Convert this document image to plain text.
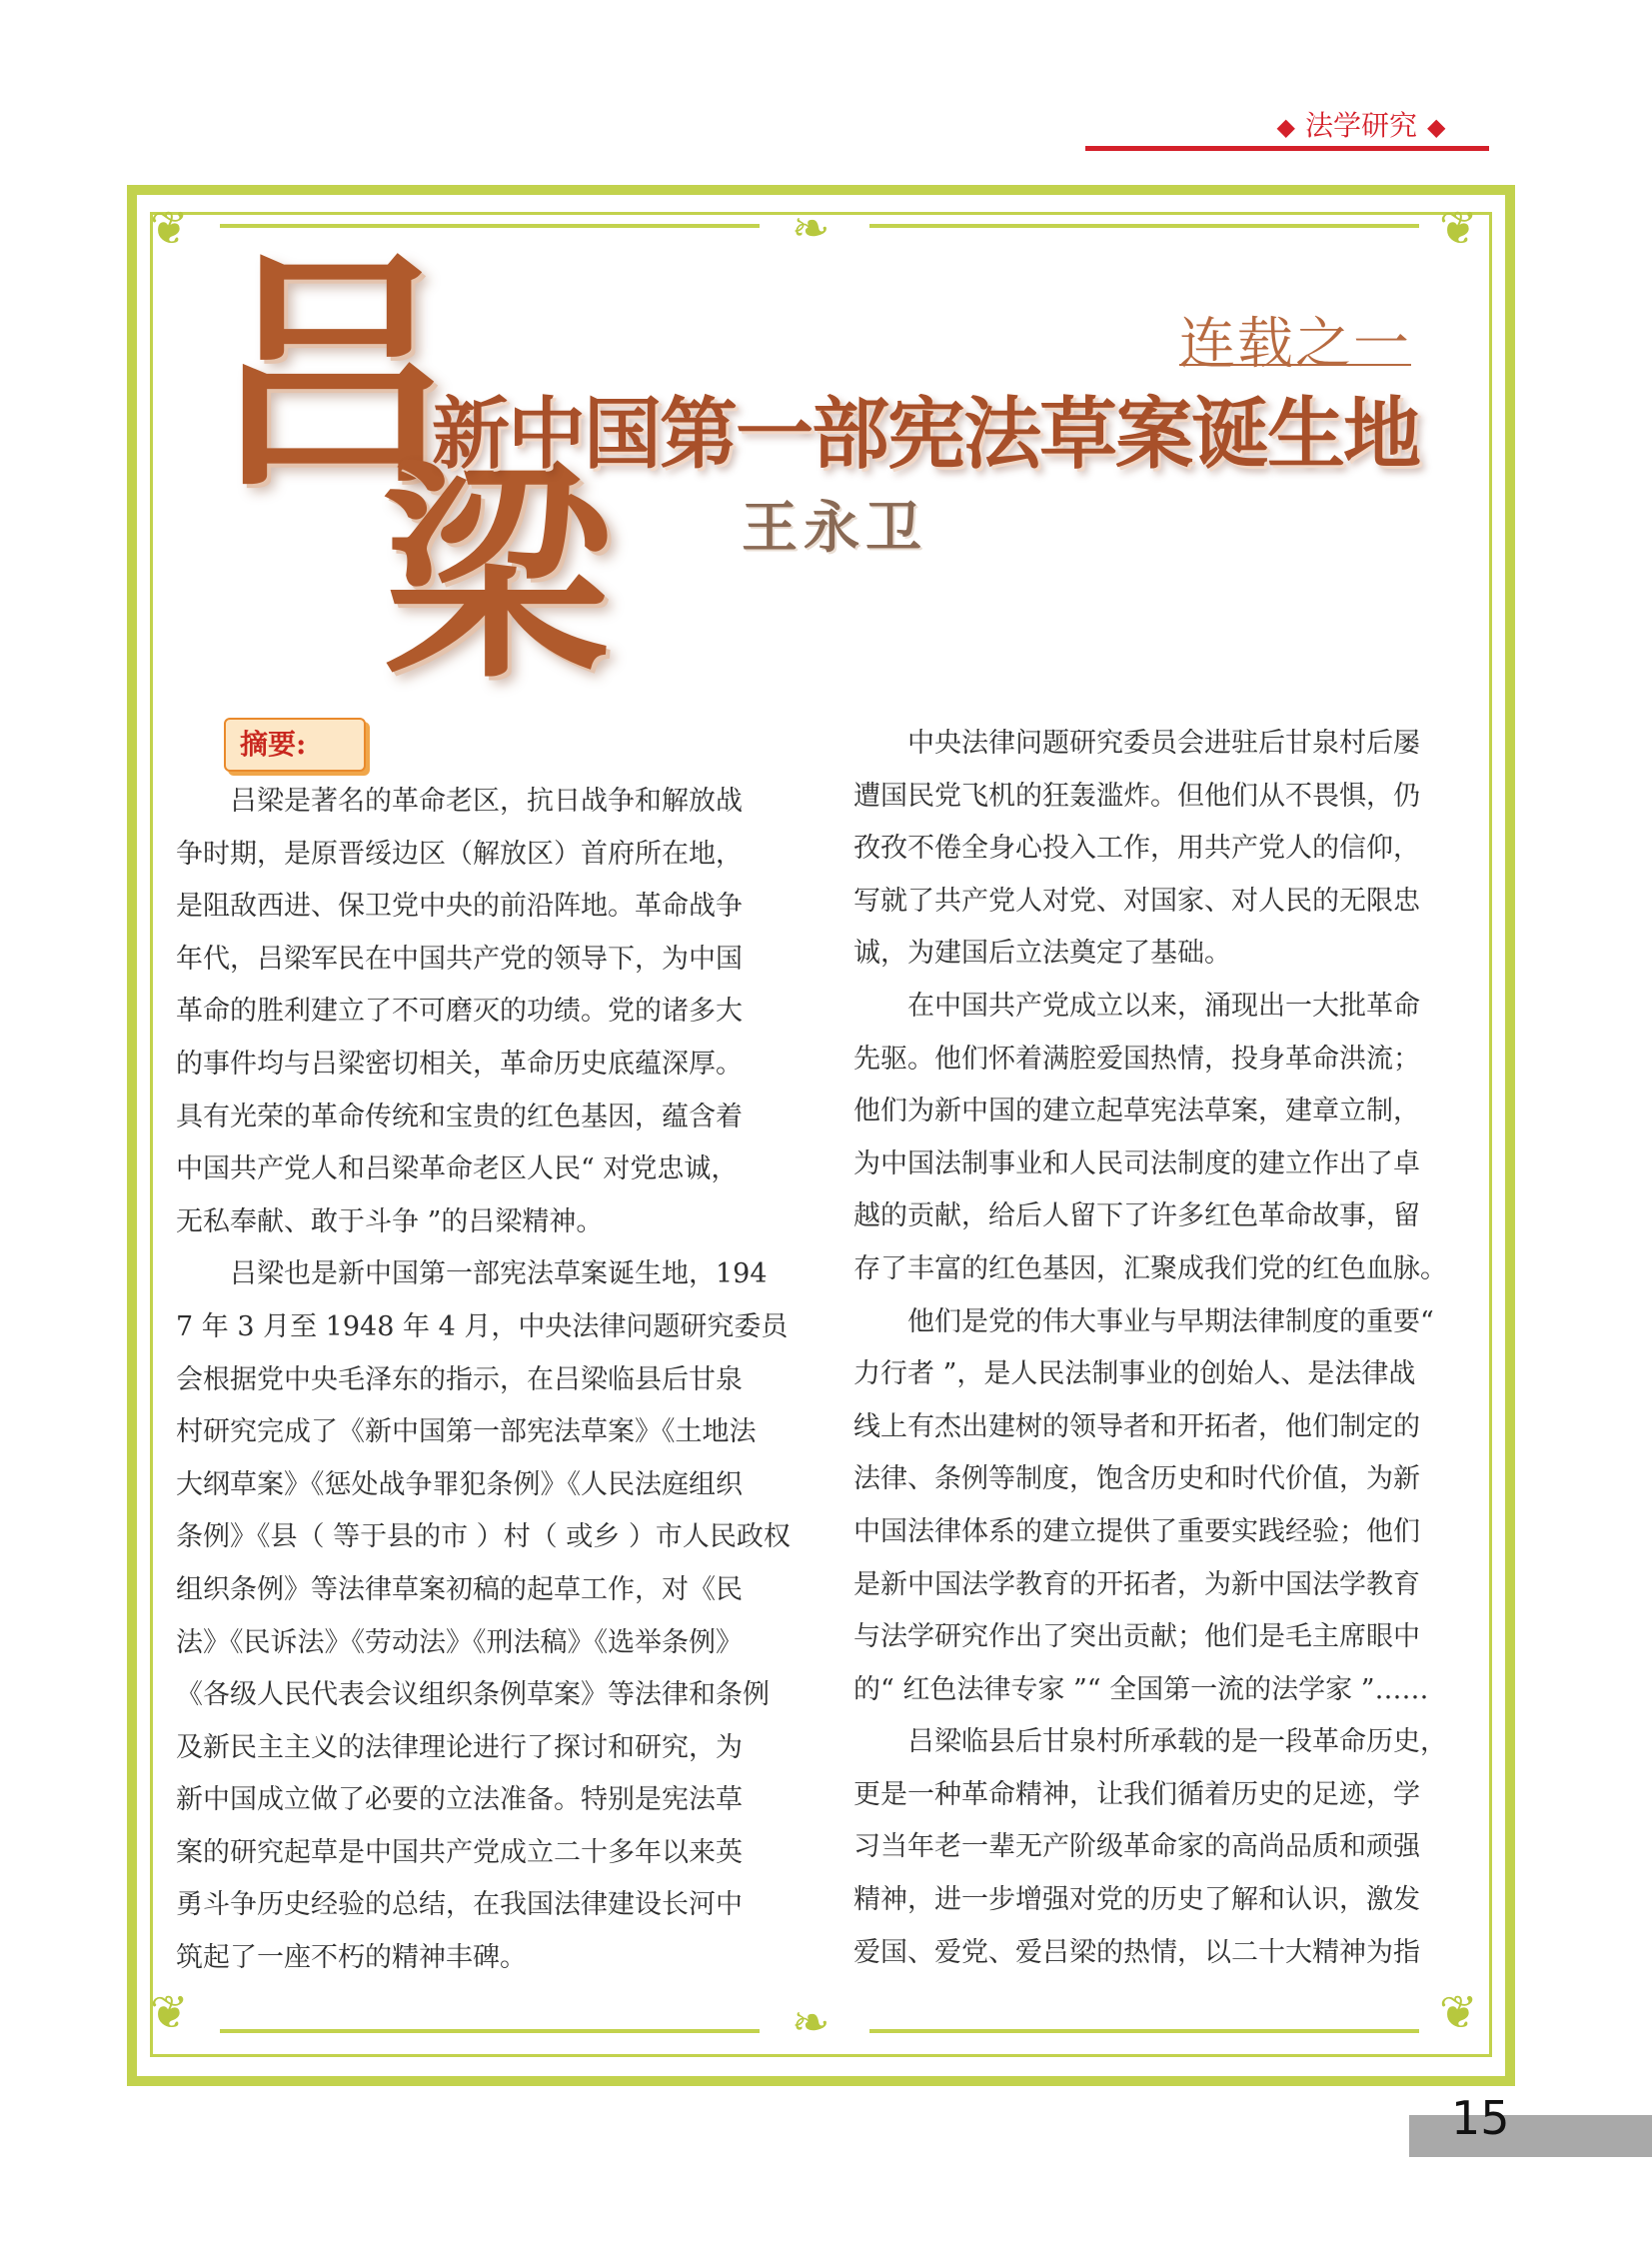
◆ 法学研究 ◆
❦	❦
❦	❦
❧
❧
吕
梁
连载之一
新中国第一部宪法草案诞生地
王永卫
摘要:
吕梁是著名的革命老区，抗日战争和解放战
争时期，是原晋绥边区（解放区）首府所在地，
是阻敌西进、保卫党中央的前沿阵地。革命战争
年代，吕梁军民在中国共产党的领导下，为中国
革命的胜利建立了不可磨灭的功绩。党的诸多大
的事件均与吕梁密切相关，革命历史底蕴深厚。
具有光荣的革命传统和宝贵的红色基因，蕴含着
中国共产党人和吕梁革命老区人民“ 对党忠诚，
无私奉献、敢于斗争 ”的吕梁精神。
吕梁也是新中国第一部宪法草案诞生地，194
7 年 3 月至 1948 年 4 月，中央法律问题研究委员
会根据党中央毛泽东的指示，在吕梁临县后甘泉
村研究完成了《新中国第一部宪法草案》《土地法
大纲草案》《惩处战争罪犯条例》《人民法庭组织
条例》《县（ 等于县的市 ）村（ 或乡 ）市人民政权
组织条例》等法律草案初稿的起草工作，对《民
法》《民诉法》《劳动法》《刑法稿》《选举条例》
《各级人民代表会议组织条例草案》等法律和条例
及新民主主义的法律理论进行了探讨和研究，为
新中国成立做了必要的立法准备。特别是宪法草
案的研究起草是中国共产党成立二十多年以来英
勇斗争历史经验的总结，在我国法律建设长河中
筑起了一座不朽的精神丰碑。
中央法律问题研究委员会进驻后甘泉村后屡
遭国民党飞机的狂轰滥炸。但他们从不畏惧，仍
孜孜不倦全身心投入工作，用共产党人的信仰，
写就了共产党人对党、对国家、对人民的无限忠
诚，为建国后立法奠定了基础。
在中国共产党成立以来，涌现出一大批革命
先驱。他们怀着满腔爱国热情，投身革命洪流；
他们为新中国的建立起草宪法草案，建章立制，
为中国法制事业和人民司法制度的建立作出了卓
越的贡献，给后人留下了许多红色革命故事，留
存了丰富的红色基因，汇聚成我们党的红色血脉。
他们是党的伟大事业与早期法律制度的重要“
力行者 ”，是人民法制事业的创始人、是法律战
线上有杰出建树的领导者和开拓者，他们制定的
法律、条例等制度，饱含历史和时代价值，为新
中国法律体系的建立提供了重要实践经验；他们
是新中国法学教育的开拓者，为新中国法学教育
与法学研究作出了突出贡献；他们是毛主席眼中
的“ 红色法律专家 ”“ 全国第一流的法学家 ”……
吕梁临县后甘泉村所承载的是一段革命历史，
更是一种革命精神，让我们循着历史的足迹，学
习当年老一辈无产阶级革命家的高尚品质和顽强
精神，进一步增强对党的历史了解和认识，激发
爱国、爱党、爱吕梁的热情，以二十大精神为指
15
